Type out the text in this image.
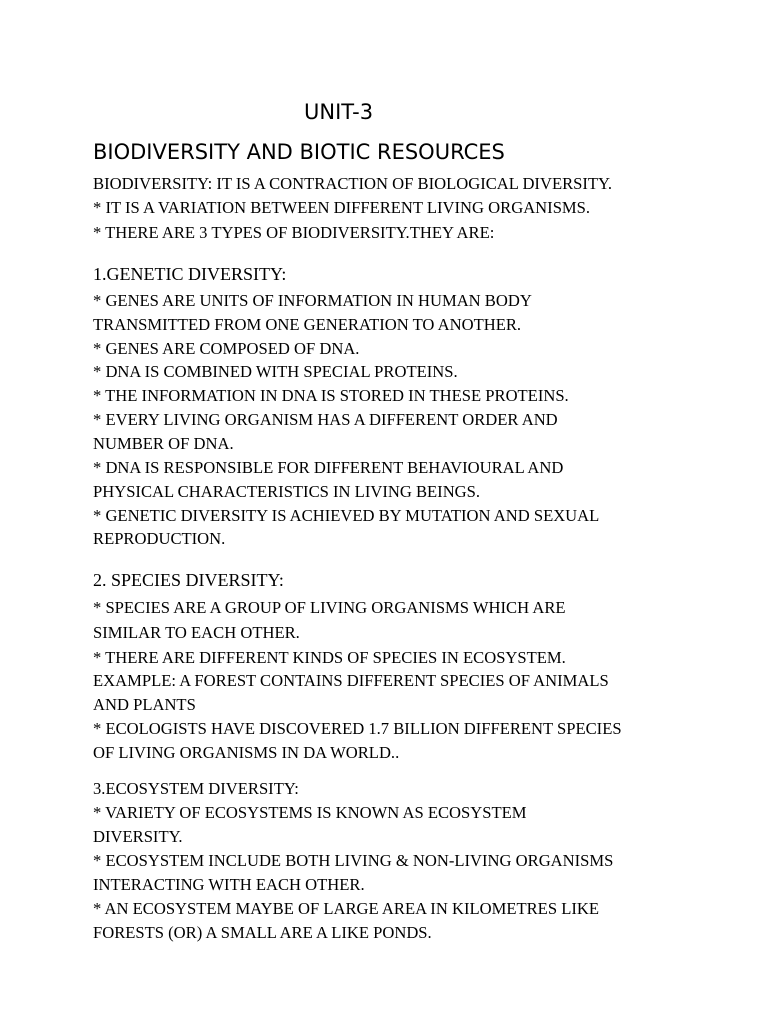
UNIT-3
BIODIVERSITY AND BIOTIC RESOURCES
BIODIVERSITY: IT IS A CONTRACTION OF BIOLOGICAL DIVERSITY.
* IT IS A VARIATION BETWEEN DIFFERENT LIVING ORGANISMS.
* THERE ARE 3 TYPES OF BIODIVERSITY.THEY ARE:
1.GENETIC DIVERSITY:
* GENES ARE UNITS OF INFORMATION IN HUMAN BODY
TRANSMITTED FROM ONE GENERATION TO ANOTHER.
* GENES ARE COMPOSED OF DNA.
* DNA IS COMBINED WITH SPECIAL PROTEINS.
* THE INFORMATION IN DNA IS STORED IN THESE PROTEINS.
* EVERY LIVING ORGANISM HAS A DIFFERENT ORDER AND
NUMBER OF DNA.
* DNA IS RESPONSIBLE FOR DIFFERENT BEHAVIOURAL AND
PHYSICAL CHARACTERISTICS IN LIVING BEINGS.
* GENETIC DIVERSITY IS ACHIEVED BY MUTATION AND SEXUAL
REPRODUCTION.
2. SPECIES DIVERSITY:
* SPECIES ARE A GROUP OF LIVING ORGANISMS WHICH ARE
SIMILAR TO EACH OTHER.
* THERE ARE DIFFERENT KINDS OF SPECIES IN ECOSYSTEM.
EXAMPLE: A FOREST CONTAINS DIFFERENT SPECIES OF ANIMALS
AND PLANTS
* ECOLOGISTS HAVE DISCOVERED 1.7 BILLION DIFFERENT SPECIES
OF LIVING ORGANISMS IN DA WORLD..
3.ECOSYSTEM DIVERSITY:
* VARIETY OF ECOSYSTEMS IS KNOWN AS ECOSYSTEM
DIVERSITY.
* ECOSYSTEM INCLUDE BOTH LIVING & NON-LIVING ORGANISMS
INTERACTING WITH EACH OTHER.
* AN ECOSYSTEM MAYBE OF LARGE AREA IN KILOMETRES LIKE
FORESTS (OR) A SMALL ARE A LIKE PONDS.
